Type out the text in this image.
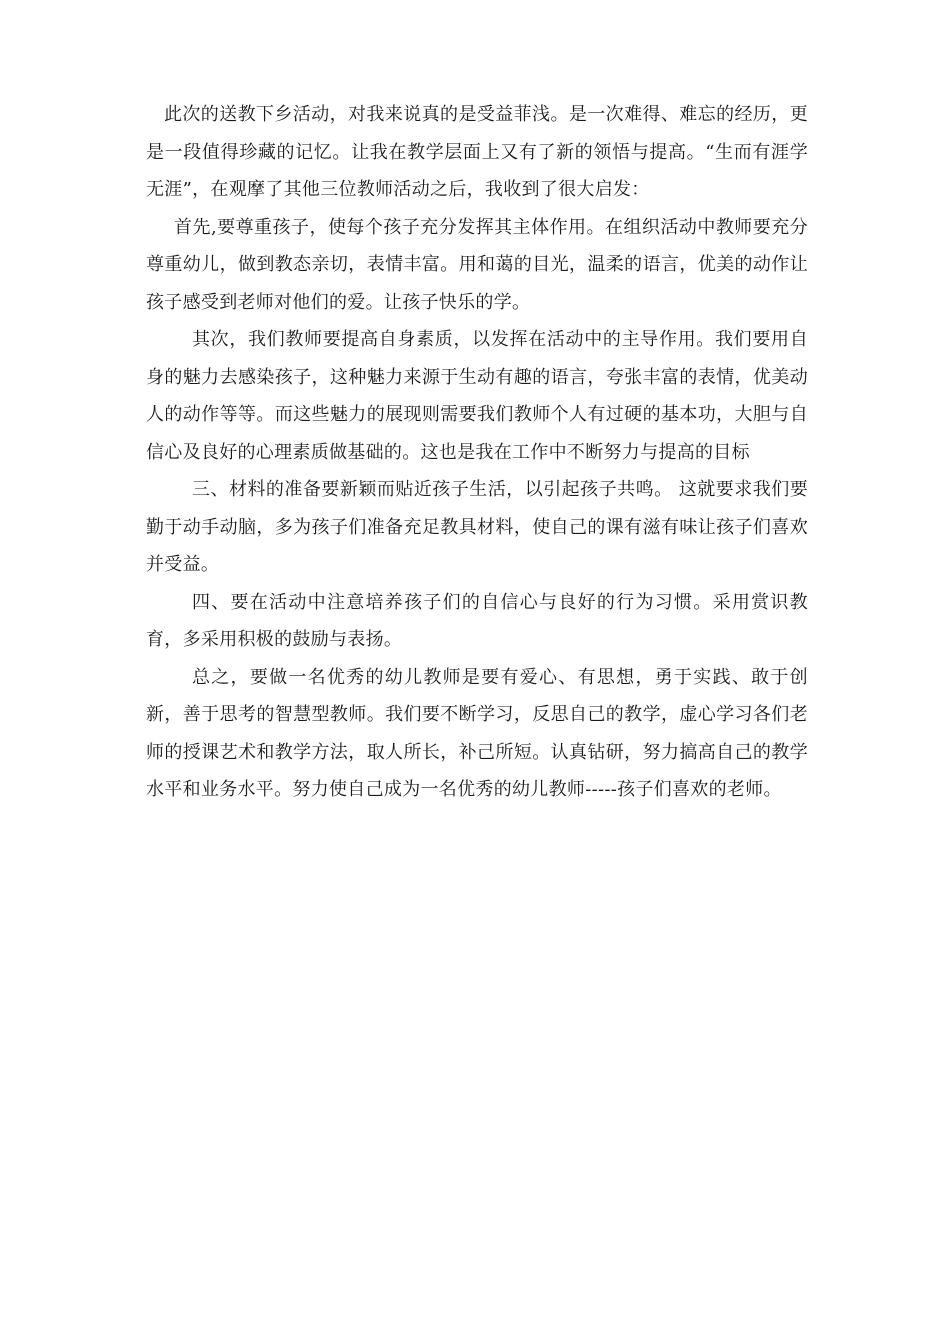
此次的送教下乡活动，对我来说真的是受益菲浅。是一次难得、难忘的经历，更是一段值得珍藏的记忆。让我在教学层面上又有了新的领悟与提高。“生而有涯学无涯”，在观摩了其他三位教师活动之后，我收到了很大启发：

首先,要尊重孩子，使每个孩子充分发挥其主体作用。在组织活动中教师要充分尊重幼儿，做到教态亲切，表情丰富。用和蔼的目光，温柔的语言，优美的动作让孩子感受到老师对他们的爱。让孩子快乐的学。

其次，我们教师要提高自身素质，以发挥在活动中的主导作用。我们要用自身的魅力去感染孩子，这种魅力来源于生动有趣的语言，夸张丰富的表情，优美动人的动作等等。而这些魅力的展现则需要我们教师个人有过硬的基本功，大胆与自信心及良好的心理素质做基础的。这也是我在工作中不断努力与提高的目标

三、材料的准备要新颖而贴近孩子生活，以引起孩子共鸣。 这就要求我们要勤于动手动脑，多为孩子们准备充足教具材料，使自己的课有滋有味让孩子们喜欢并受益。

四、要在活动中注意培养孩子们的自信心与良好的行为习惯。采用赏识教育，多采用积极的鼓励与表扬。

总之，要做一名优秀的幼儿教师是要有爱心、有思想，勇于实践、敢于创新，善于思考的智慧型教师。我们要不断学习，反思自己的教学，虚心学习各们老师的授课艺术和教学方法，取人所长，补己所短。认真钻研，努力搞高自己的教学水平和业务水平。努力使自己成为一名优秀的幼儿教师-----孩子们喜欢的老师。
